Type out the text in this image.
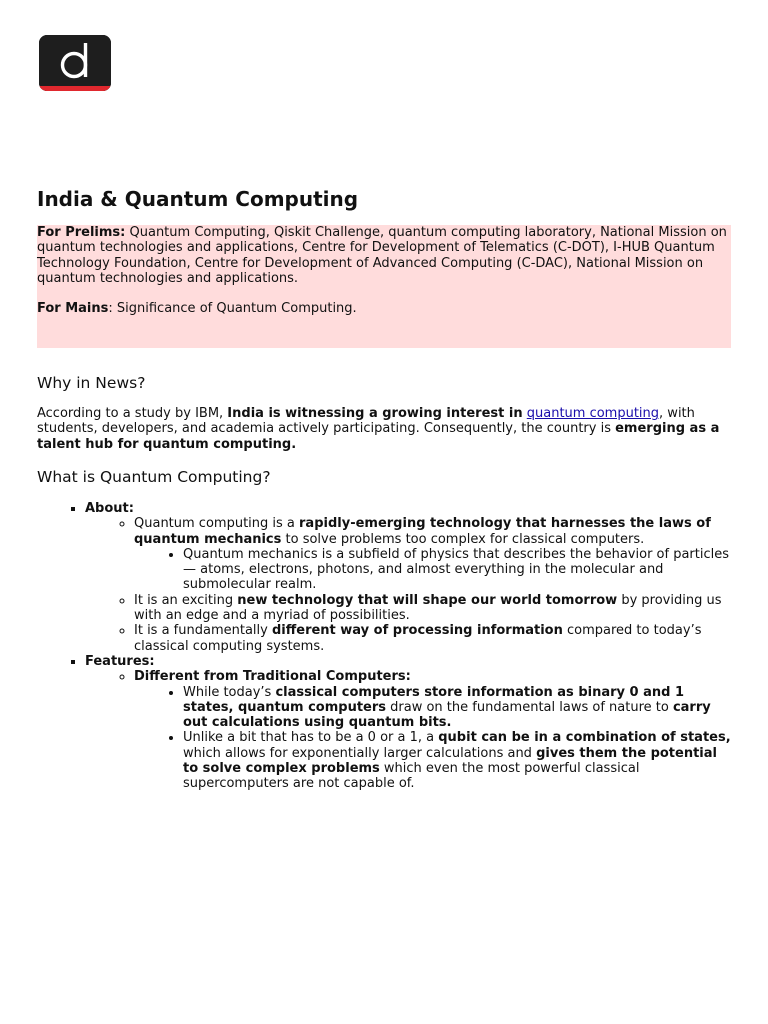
India & Quantum Computing

For Prelims: Quantum Computing, Qiskit Challenge, quantum computing laboratory, National Mission on quantum technologies and applications, Centre for Development of Telematics (C-DOT), I-HUB Quantum Technology Foundation, Centre for Development of Advanced Computing (C-DAC), National Mission on quantum technologies and applications.

For Mains: Significance of Quantum Computing.

Why in News?

According to a study by IBM, India is witnessing a growing interest in quantum computing, with students, developers, and academia actively participating. Consequently, the country is emerging as a talent hub for quantum computing.

What is Quantum Computing?
▪ About:
◦ Quantum computing is a rapidly-emerging technology that harnesses the laws of quantum mechanics to solve problems too complex for classical computers.
• Quantum mechanics is a subfield of physics that describes the behavior of particles — atoms, electrons, photons, and almost everything in the molecular and submolecular realm.
◦ It is an exciting new technology that will shape our world tomorrow by providing us with an edge and a myriad of possibilities.
◦ It is a fundamentally different way of processing information compared to today’s classical computing systems.
▪ Features:
◦ Different from Traditional Computers:
• While today’s classical computers store information as binary 0 and 1 states, quantum computers draw on the fundamental laws of nature to carry out calculations using quantum bits.
• Unlike a bit that has to be a 0 or a 1, a qubit can be in a combination of states, which allows for exponentially larger calculations and gives them the potential to solve complex problems which even the most powerful classical supercomputers are not capable of.
